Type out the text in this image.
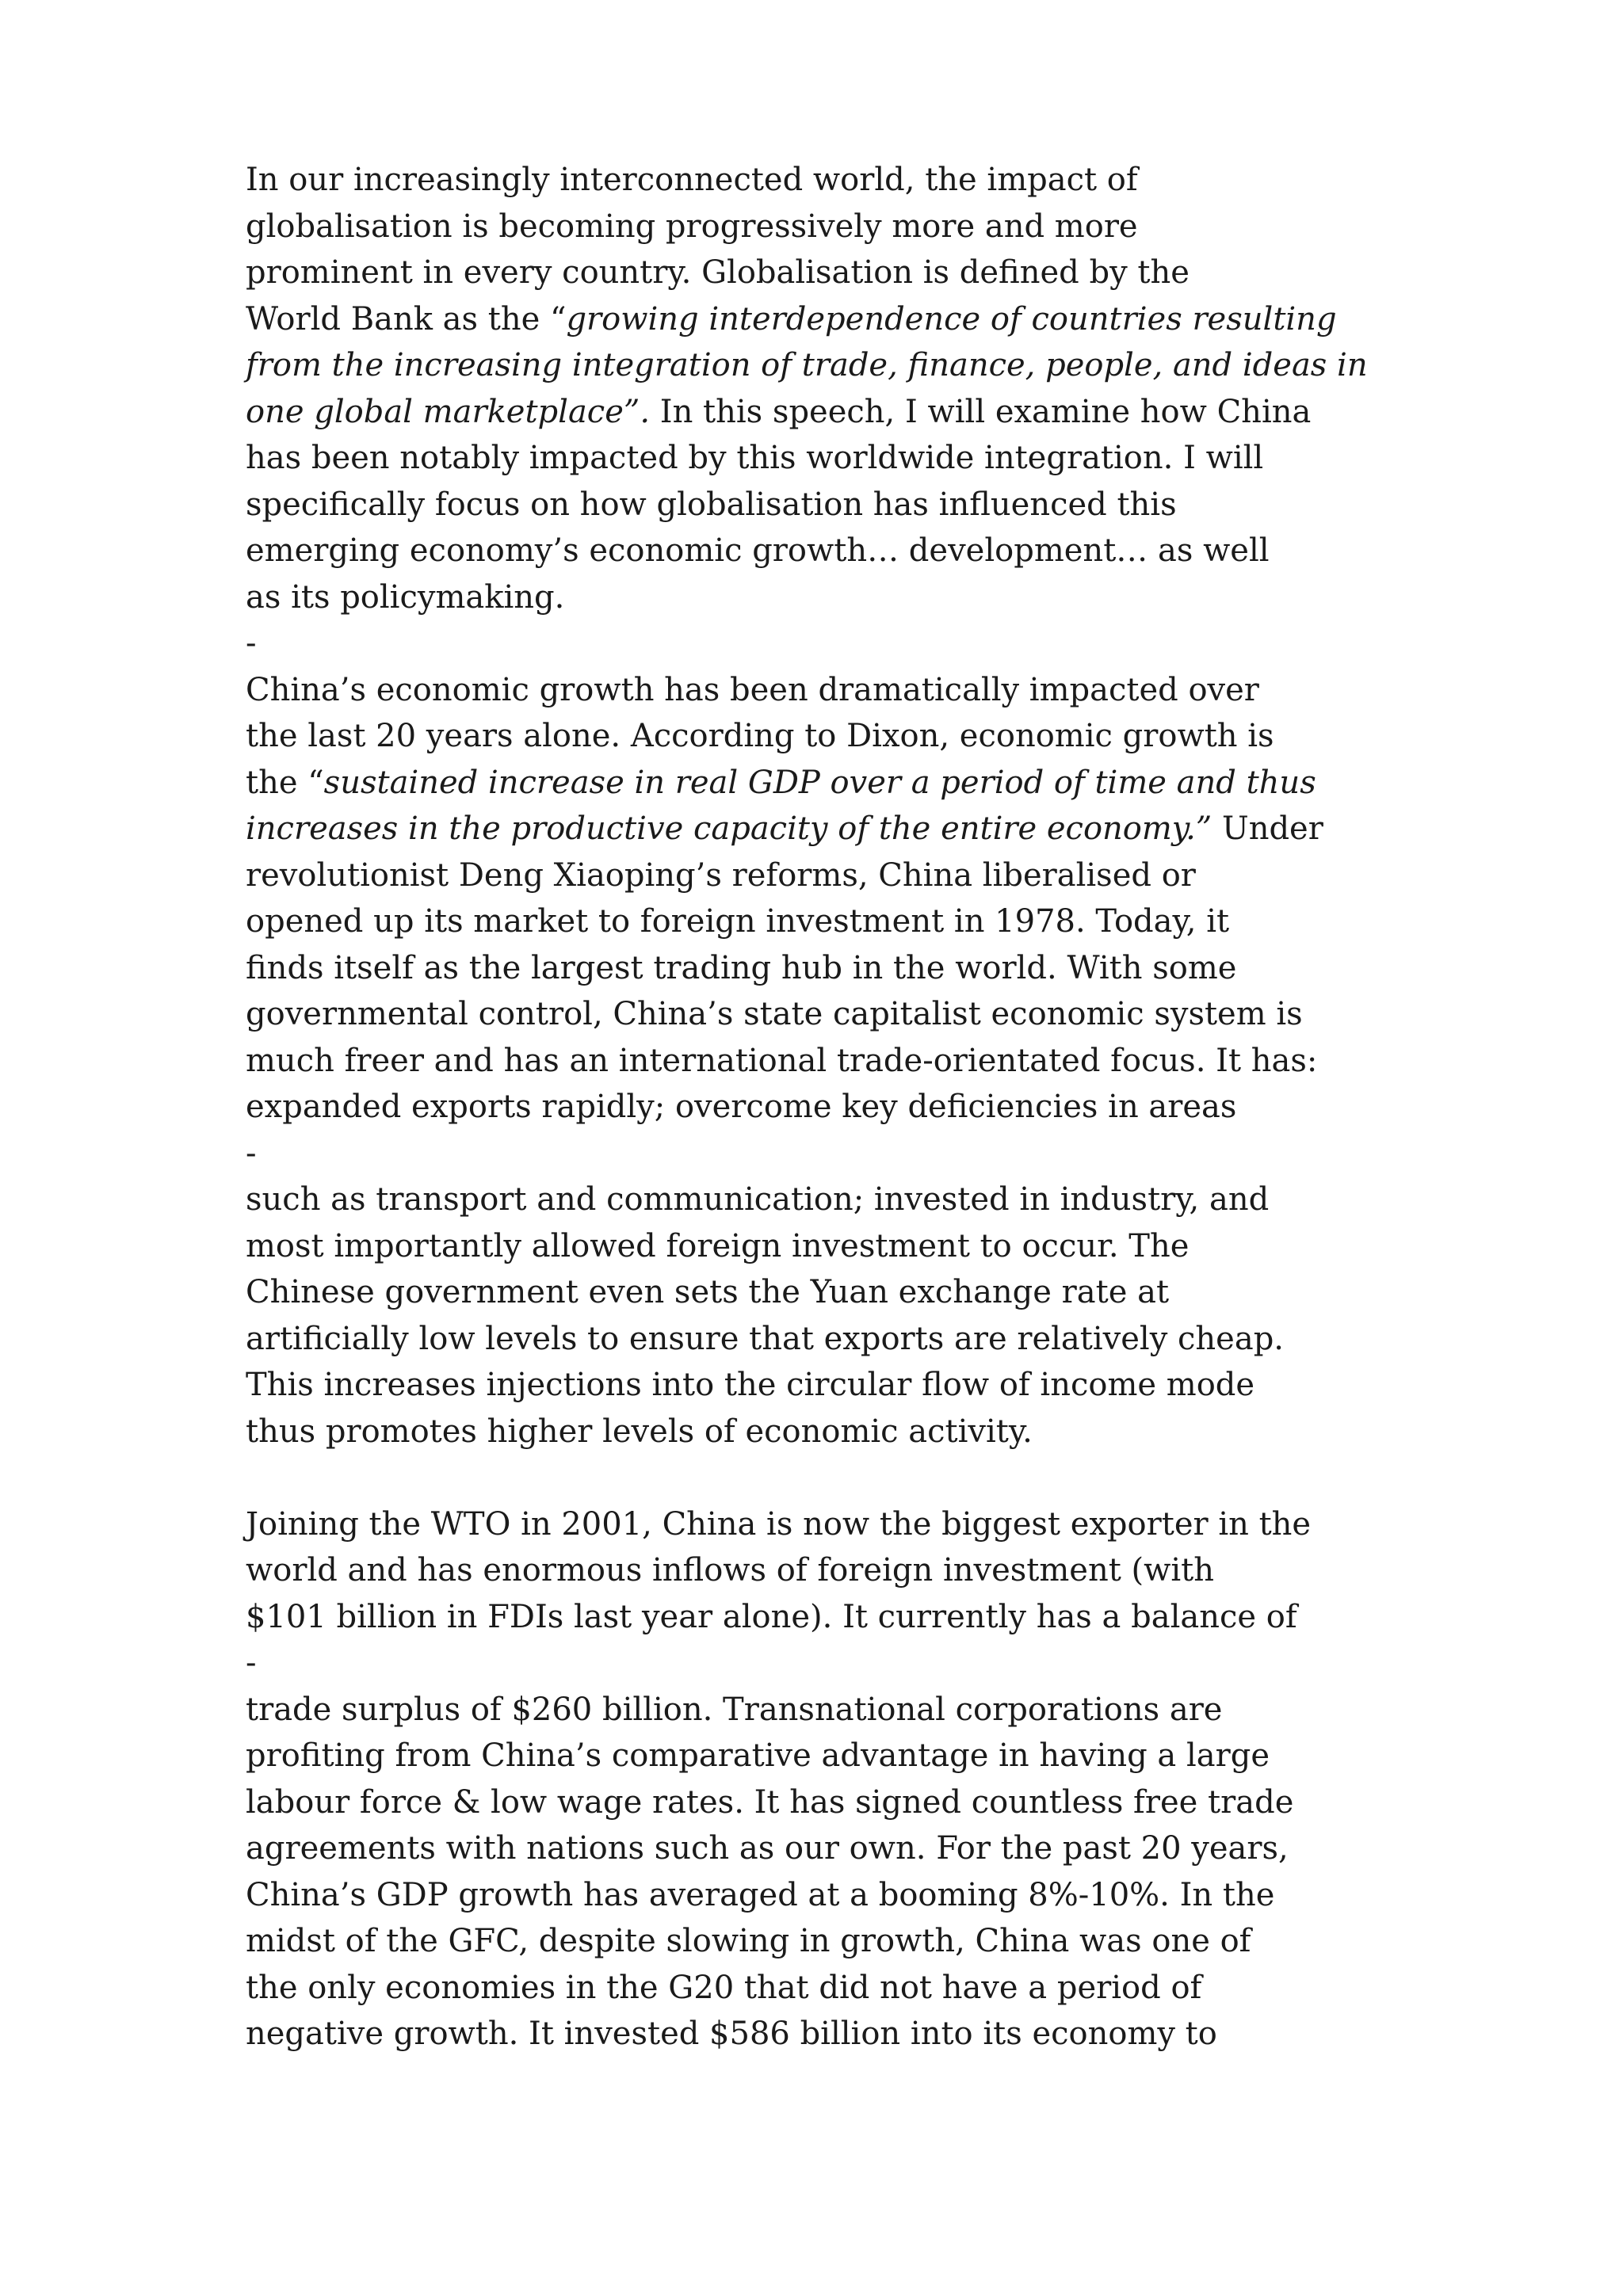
In our increasingly interconnected world, the impact of
globalisation is becoming progressively more and more
prominent in every country. Globalisation is defined by the
World Bank as the “growing interdependence of countries resulting
from the increasing integration of trade, finance, people, and ideas in
one global marketplace”. In this speech, I will examine how China
has been notably impacted by this worldwide integration. I will
specifically focus on how globalisation has influenced this
emerging economy’s economic growth… development… as well
as its policymaking.
-
China’s economic growth has been dramatically impacted over
the last 20 years alone. According to Dixon, economic growth is
the “sustained increase in real GDP over a period of time and thus
increases in the productive capacity of the entire economy.” Under
revolutionist Deng Xiaoping’s reforms, China liberalised or
opened up its market to foreign investment in 1978. Today, it
finds itself as the largest trading hub in the world. With some
governmental control, China’s state capitalist economic system is
much freer and has an international trade-orientated focus. It has:
expanded exports rapidly; overcome key deficiencies in areas
-
such as transport and communication; invested in industry, and
most importantly allowed foreign investment to occur. The
Chinese government even sets the Yuan exchange rate at
artificially low levels to ensure that exports are relatively cheap.
This increases injections into the circular flow of income mode
thus promotes higher levels of economic activity.
Joining the WTO in 2001, China is now the biggest exporter in the
world and has enormous inflows of foreign investment (with
$101 billion in FDIs last year alone). It currently has a balance of
-
trade surplus of $260 billion. Transnational corporations are
profiting from China’s comparative advantage in having a large
labour force & low wage rates. It has signed countless free trade
agreements with nations such as our own. For the past 20 years,
China’s GDP growth has averaged at a booming 8%-10%. In the
midst of the GFC, despite slowing in growth, China was one of
the only economies in the G20 that did not have a period of
negative growth. It invested $586 billion into its economy to
